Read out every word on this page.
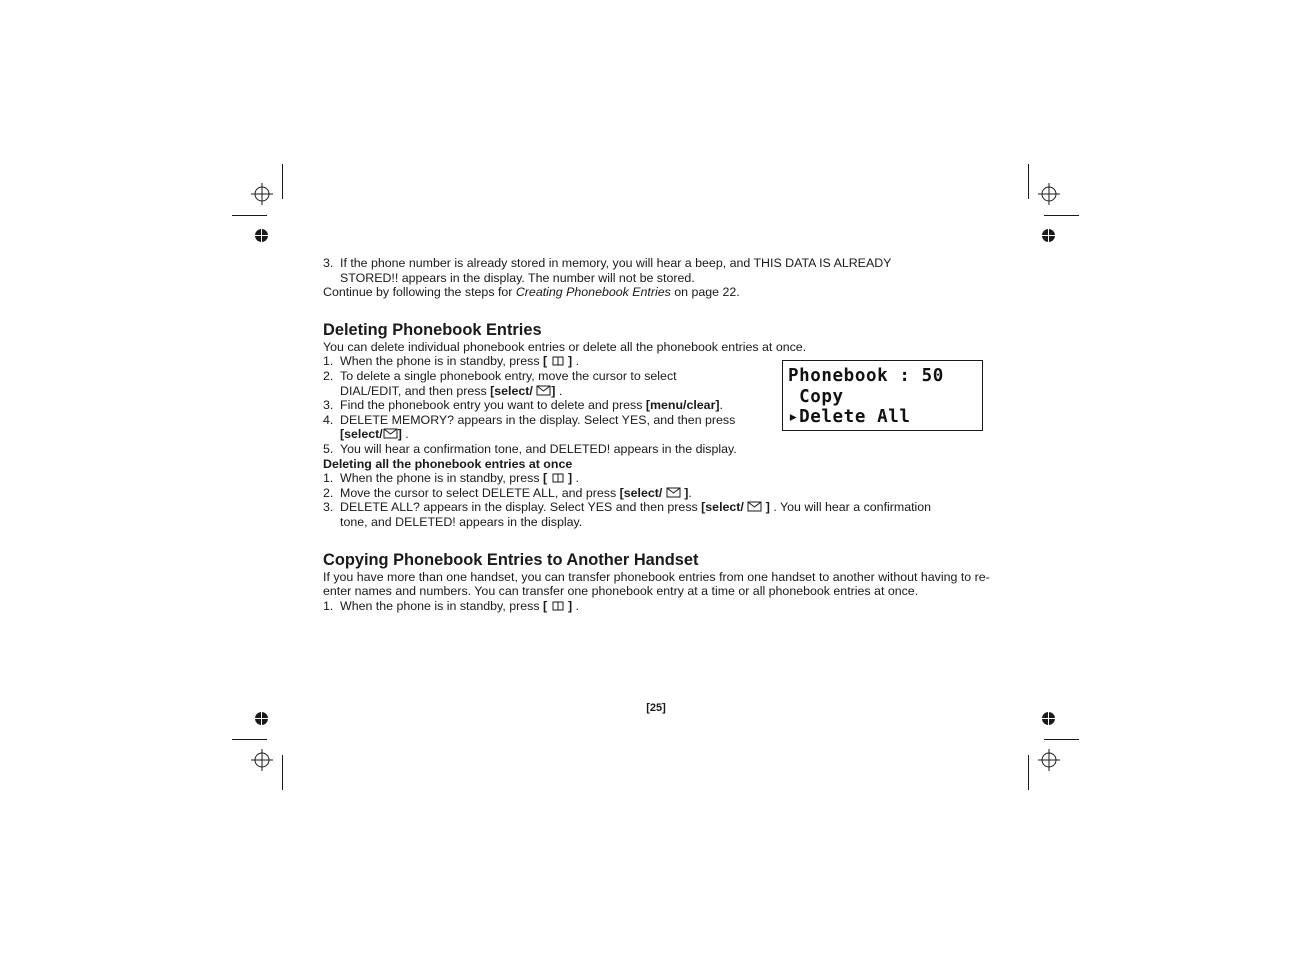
3. If the phone number is already stored in memory, you will hear a beep, and THIS DATA IS ALREADY
STORED!! appears in the display. The number will not be stored.
Continue by following the steps for Creating Phonebook Entries on page 22.
Deleting Phonebook Entries
You can delete individual phonebook entries or delete all the phonebook entries at once.
1. When the phone is in standby, press [ ] .
2. To delete a single phonebook entry, move the cursor to select
DIAL/EDIT, and then press [select/ ] .
3. Find the phonebook entry you want to delete and press [menu/clear].
4. DELETE MEMORY? appears in the display. Select YES, and then press
[select/ ] .
5. You will hear a confirmation tone, and DELETED! appears in the display.
Phonebook : 50
Copy
▸Delete All
Deleting all the phonebook entries at once
1. When the phone is in standby, press [ ] .
2. Move the cursor to select DELETE ALL, and press [select/ ].
3. DELETE ALL? appears in the display. Select YES and then press [select/ ] . You will hear a confirmation
tone, and DELETED! appears in the display.
Copying Phonebook Entries to Another Handset
If you have more than one handset, you can transfer phonebook entries from one handset to another without having to re-enter names and numbers. You can transfer one phonebook entry at a time or all phonebook entries at once.
1. When the phone is in standby, press [ ] .
[25]
